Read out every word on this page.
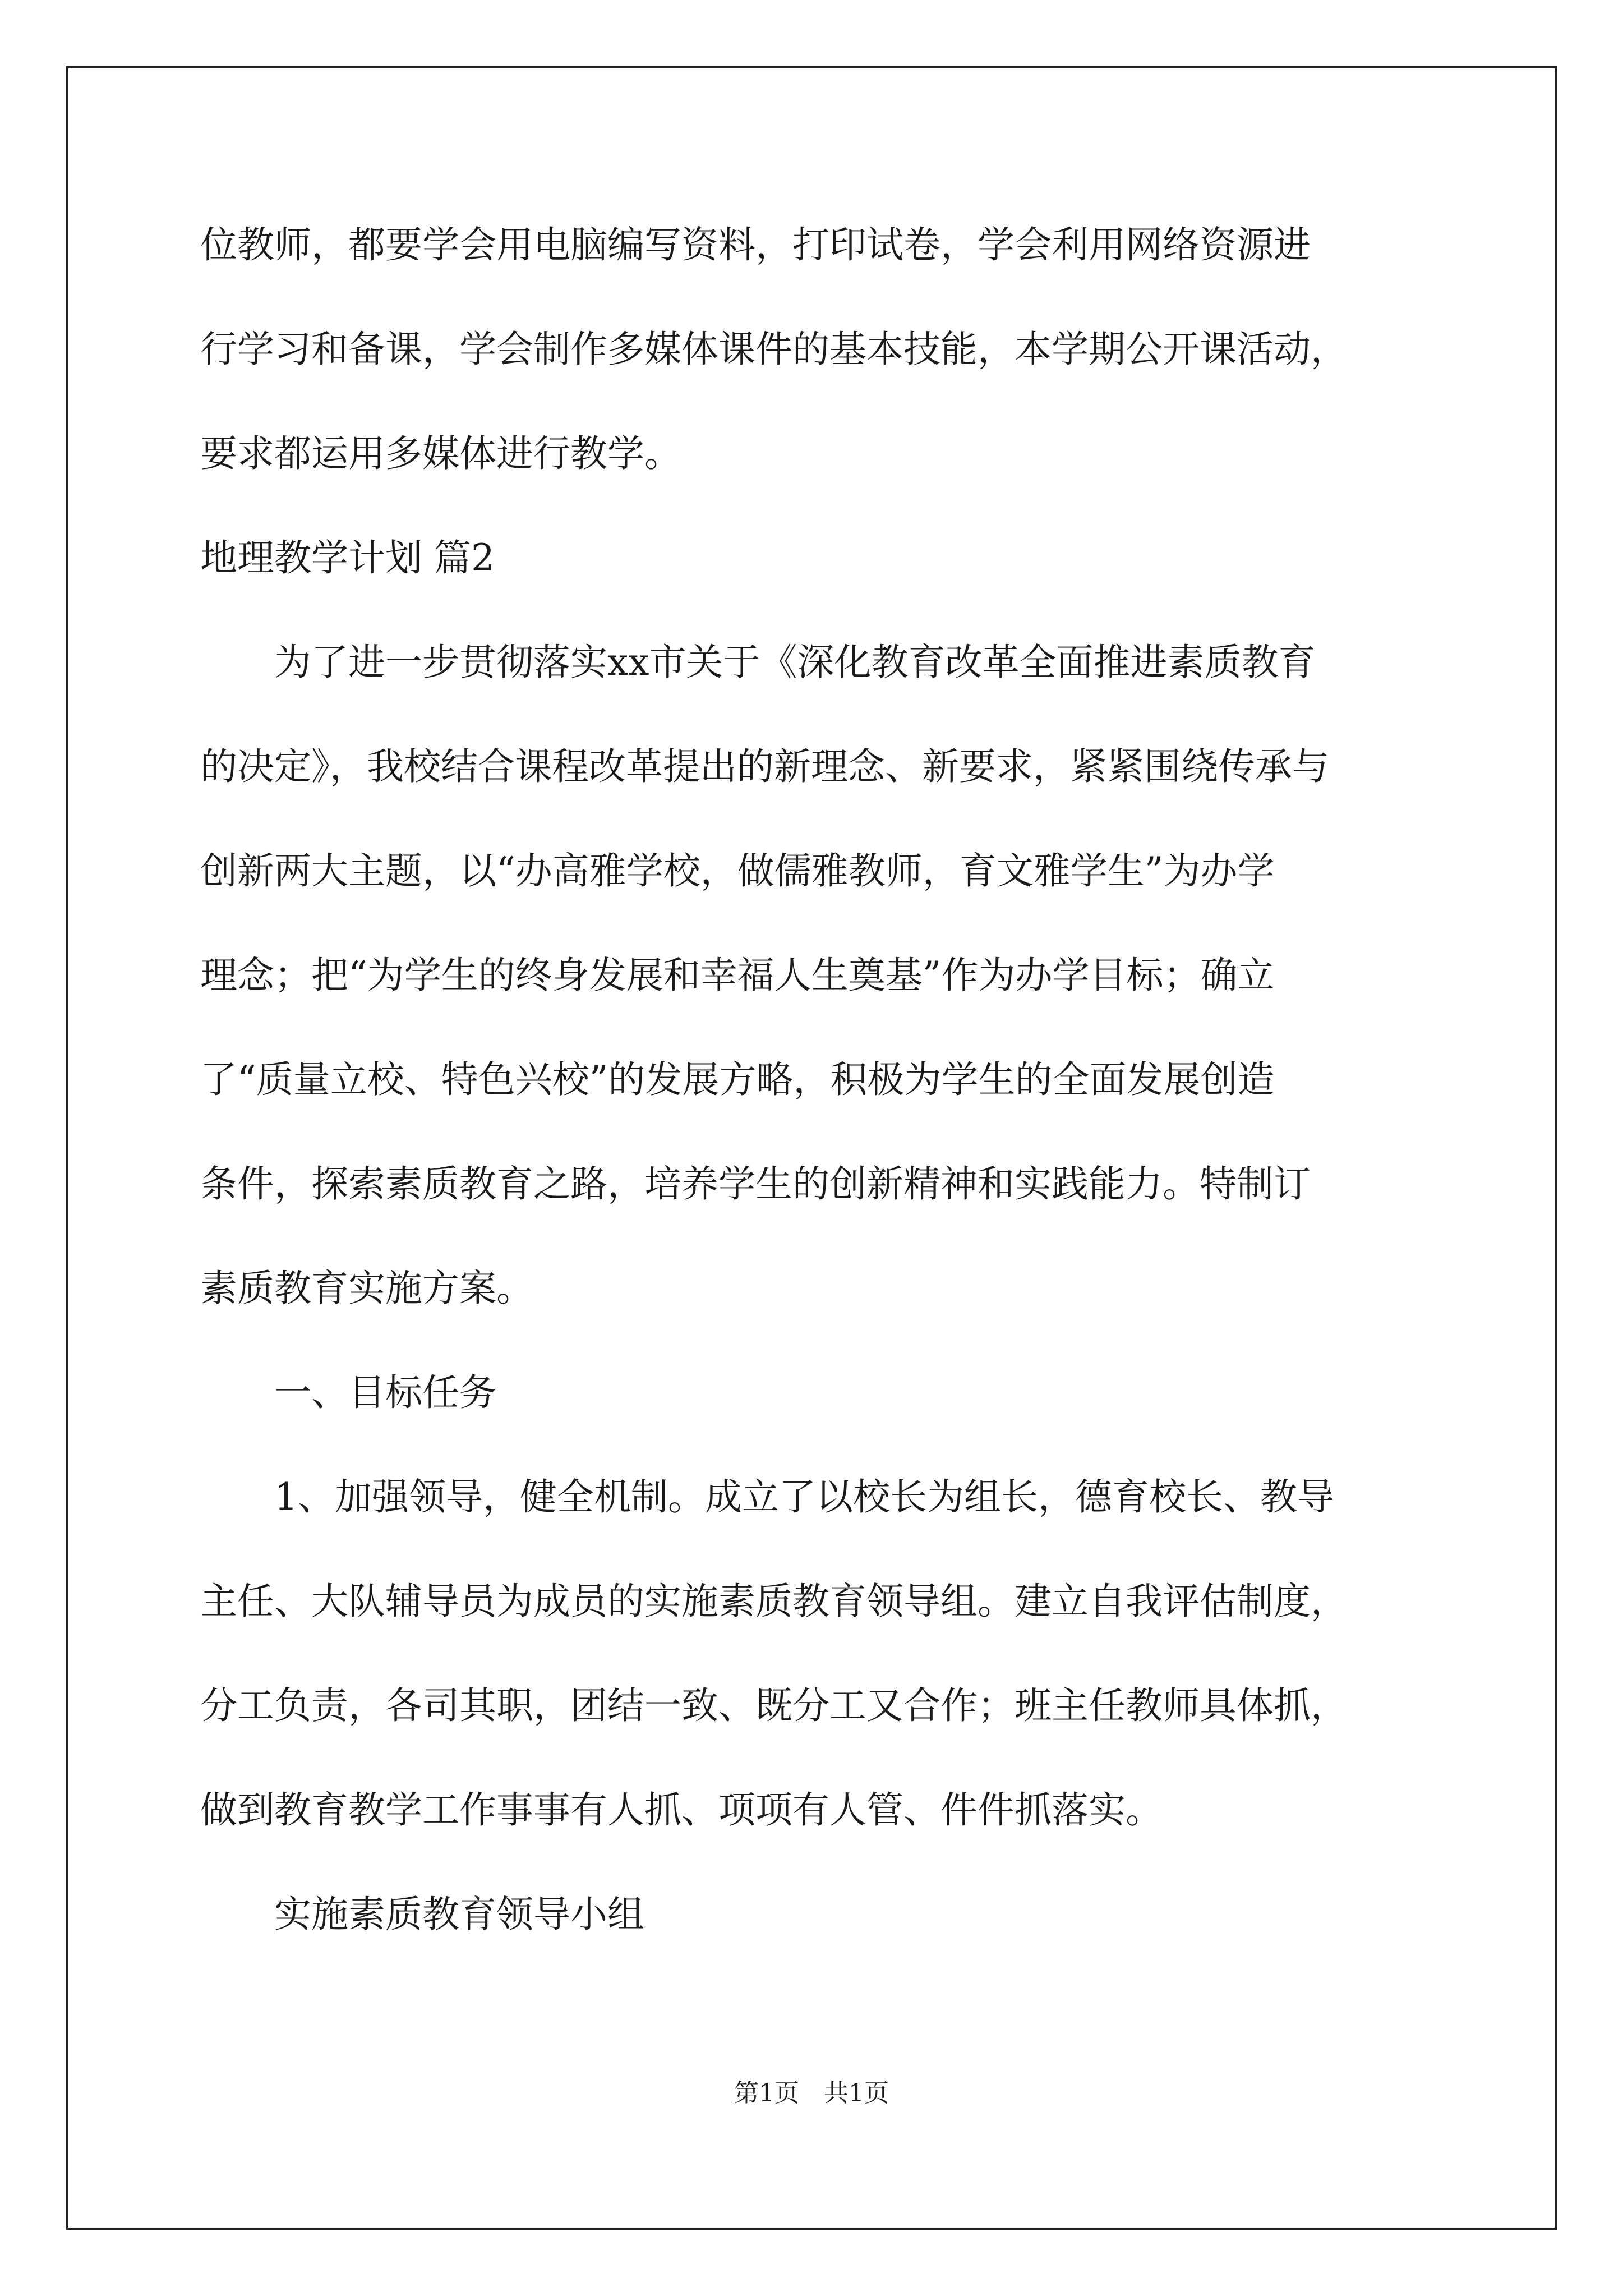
位教师，都要学会用电脑编写资料，打印试卷，学会利用网络资源进
行学习和备课，学会制作多媒体课件的基本技能，本学期公开课活动，
要求都运用多媒体进行教学。
地理教学计划 篇2
为了进一步贯彻落实xx市关于《深化教育改革全面推进素质教育
的决定》，我校结合课程改革提出的新理念、新要求，紧紧围绕传承与
创新两大主题，以“办高雅学校，做儒雅教师，育文雅学生”为办学
理念；把“为学生的终身发展和幸福人生奠基”作为办学目标；确立
了“质量立校、特色兴校”的发展方略，积极为学生的全面发展创造
条件，探索素质教育之路，培养学生的创新精神和实践能力。特制订
素质教育实施方案。
一、目标任务
1、加强领导，健全机制。成立了以校长为组长，德育校长、教导
主任、大队辅导员为成员的实施素质教育领导组。建立自我评估制度，
分工负责，各司其职，团结一致、既分工又合作；班主任教师具体抓，
做到教育教学工作事事有人抓、项项有人管、件件抓落实。
实施素质教育领导小组
第1页　共1页
